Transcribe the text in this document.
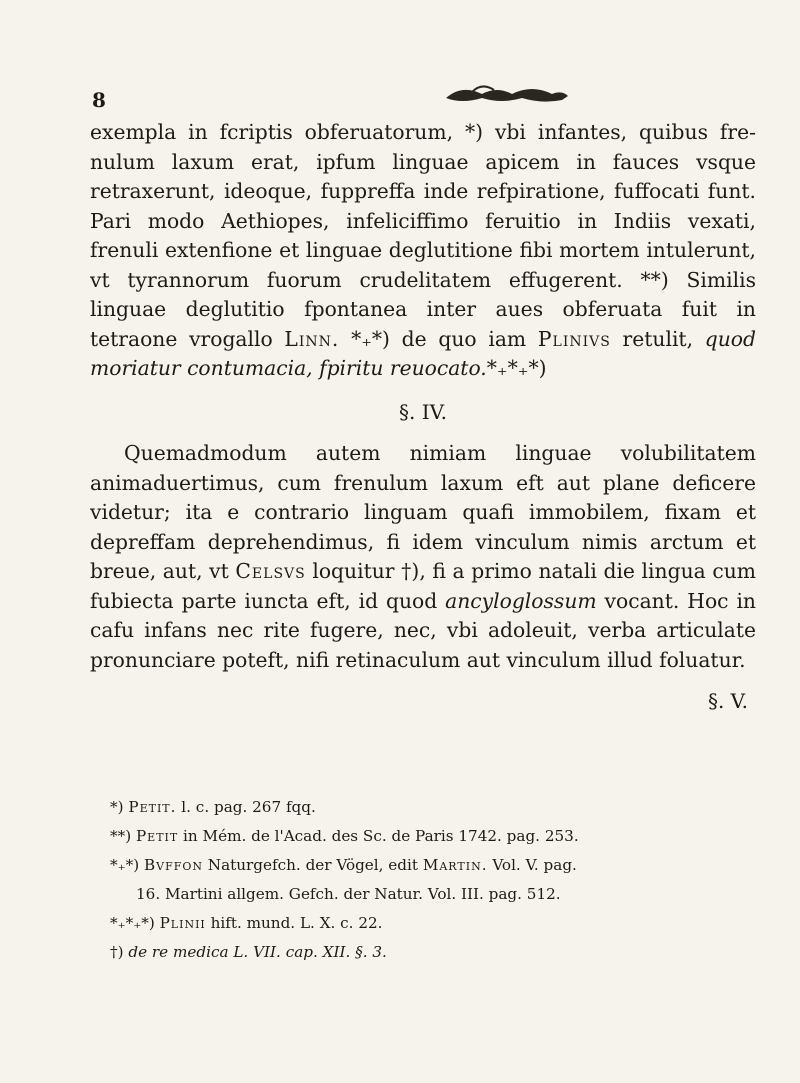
8

exempla in fcriptis obferuatorum, *) vbi infantes, quibus frenulum laxum erat, ipfum linguae apicem in fauces vsque retraxerunt, ideoque, fuppreffa inde refpiratione, fuffocati funt. Pari modo Aethiopes, infeliciffimo feruitio in Indiis vexati, frenuli extenfione et linguae deglutitione fibi mortem intulerunt, vt tyrannorum fuorum crudelitatem effugerent. **) Similis linguae deglutitio fpontanea inter aues obferuata fuit in tetraone vrogallo Linn. *₊*) de quo iam Plinivs retulit, quod moriatur contumacia, fpiritu reuocato.*₊*₊*)

§. IV.

Quemadmodum autem nimiam linguae volubilitatem animaduertimus, cum frenulum laxum eft aut plane deficere videtur; ita e contrario linguam quafi immobilem, fixam et depreffam deprehendimus, fi idem vinculum nimis arctum et breue, aut, vt Celsvs loquitur †), fi a primo natali die lingua cum fubiecta parte iuncta eft, id quod ancyloglossum vocant. Hoc in cafu infans nec rite fugere, nec, vbi adoleuit, verba articulate pronunciare poteft, nifi retinaculum aut vinculum illud foluatur.

§. V.
*) Petit. l. c. pag. 267 fqq.
**) Petit in Mém. de l'Acad. des Sc. de Paris 1742. pag. 253.
*₊*) Bvffon Naturgefch. der Vögel, edit Martin. Vol. V. pag.
16. Martini allgem. Gefch. der Natur. Vol. III. pag. 512.
*₊*₊*) Plinii hift. mund. L. X. c. 22.
†) de re medica L. VII. cap. XII. §. 3.
